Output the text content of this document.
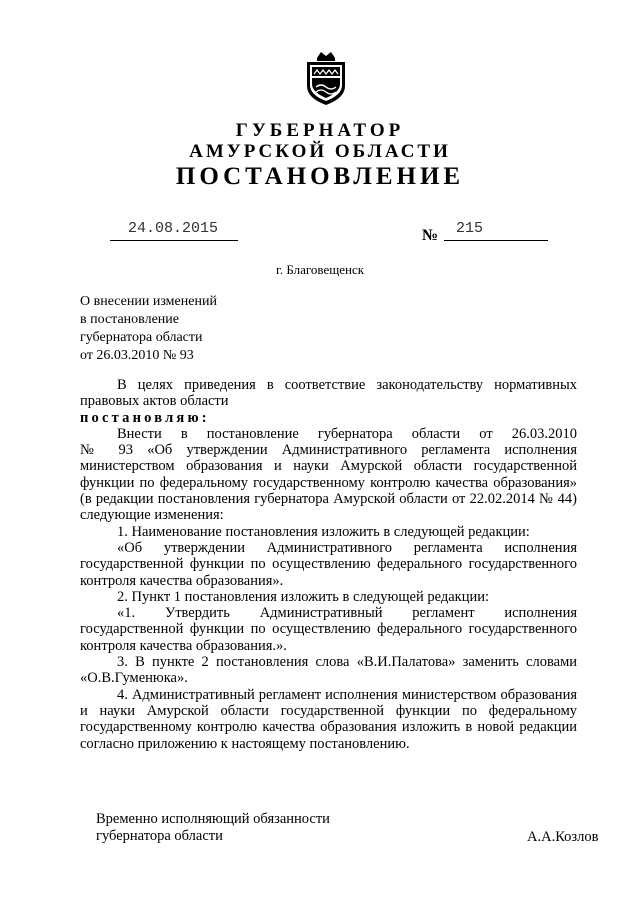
ГУБЕРНАТОР
АМУРСКОЙ ОБЛАСТИ
ПОСТАНОВЛЕНИЕ
24.08.2015	№ 215
г. Благовещенск
О внесении изменений
в постановление
губернатора области
от 26.03.2010 № 93

В целях приведения в соответствие законодательству нормативных

правовых актов области

постановляю:

Внести в постановление губернатора области от 26.03.2010

№ 93 «Об утверждении Административного регламента исполнения

министерством образования и науки Амурской области государственной функции по федеральному государственному контролю качества образования» (в редакции постановления губернатора Амурской области от 22.02.2014 № 44) следующие изменения:

1. Наименование постановления изложить в следующей редакции:

«Об утверждении Административного регламента исполнения государственной функции по осуществлению федерального государственного контроля качества образования».

2. Пункт 1 постановления изложить в следующей редакции:

«1. Утвердить Административный регламент исполнения государственной функции по осуществлению федерального государственного контроля качества образования.».

3. В пункте 2 постановления слова «В.И.Палатова» заменить словами «О.В.Гуменюка».

4. Административный регламент исполнения министерством образования и науки Амурской области государственной функции по федеральному государственному контролю качества образования изложить в новой редакции согласно приложению к настоящему постановлению.

Временно исполняющий обязанности
губернатора области	А.А.Козлов
